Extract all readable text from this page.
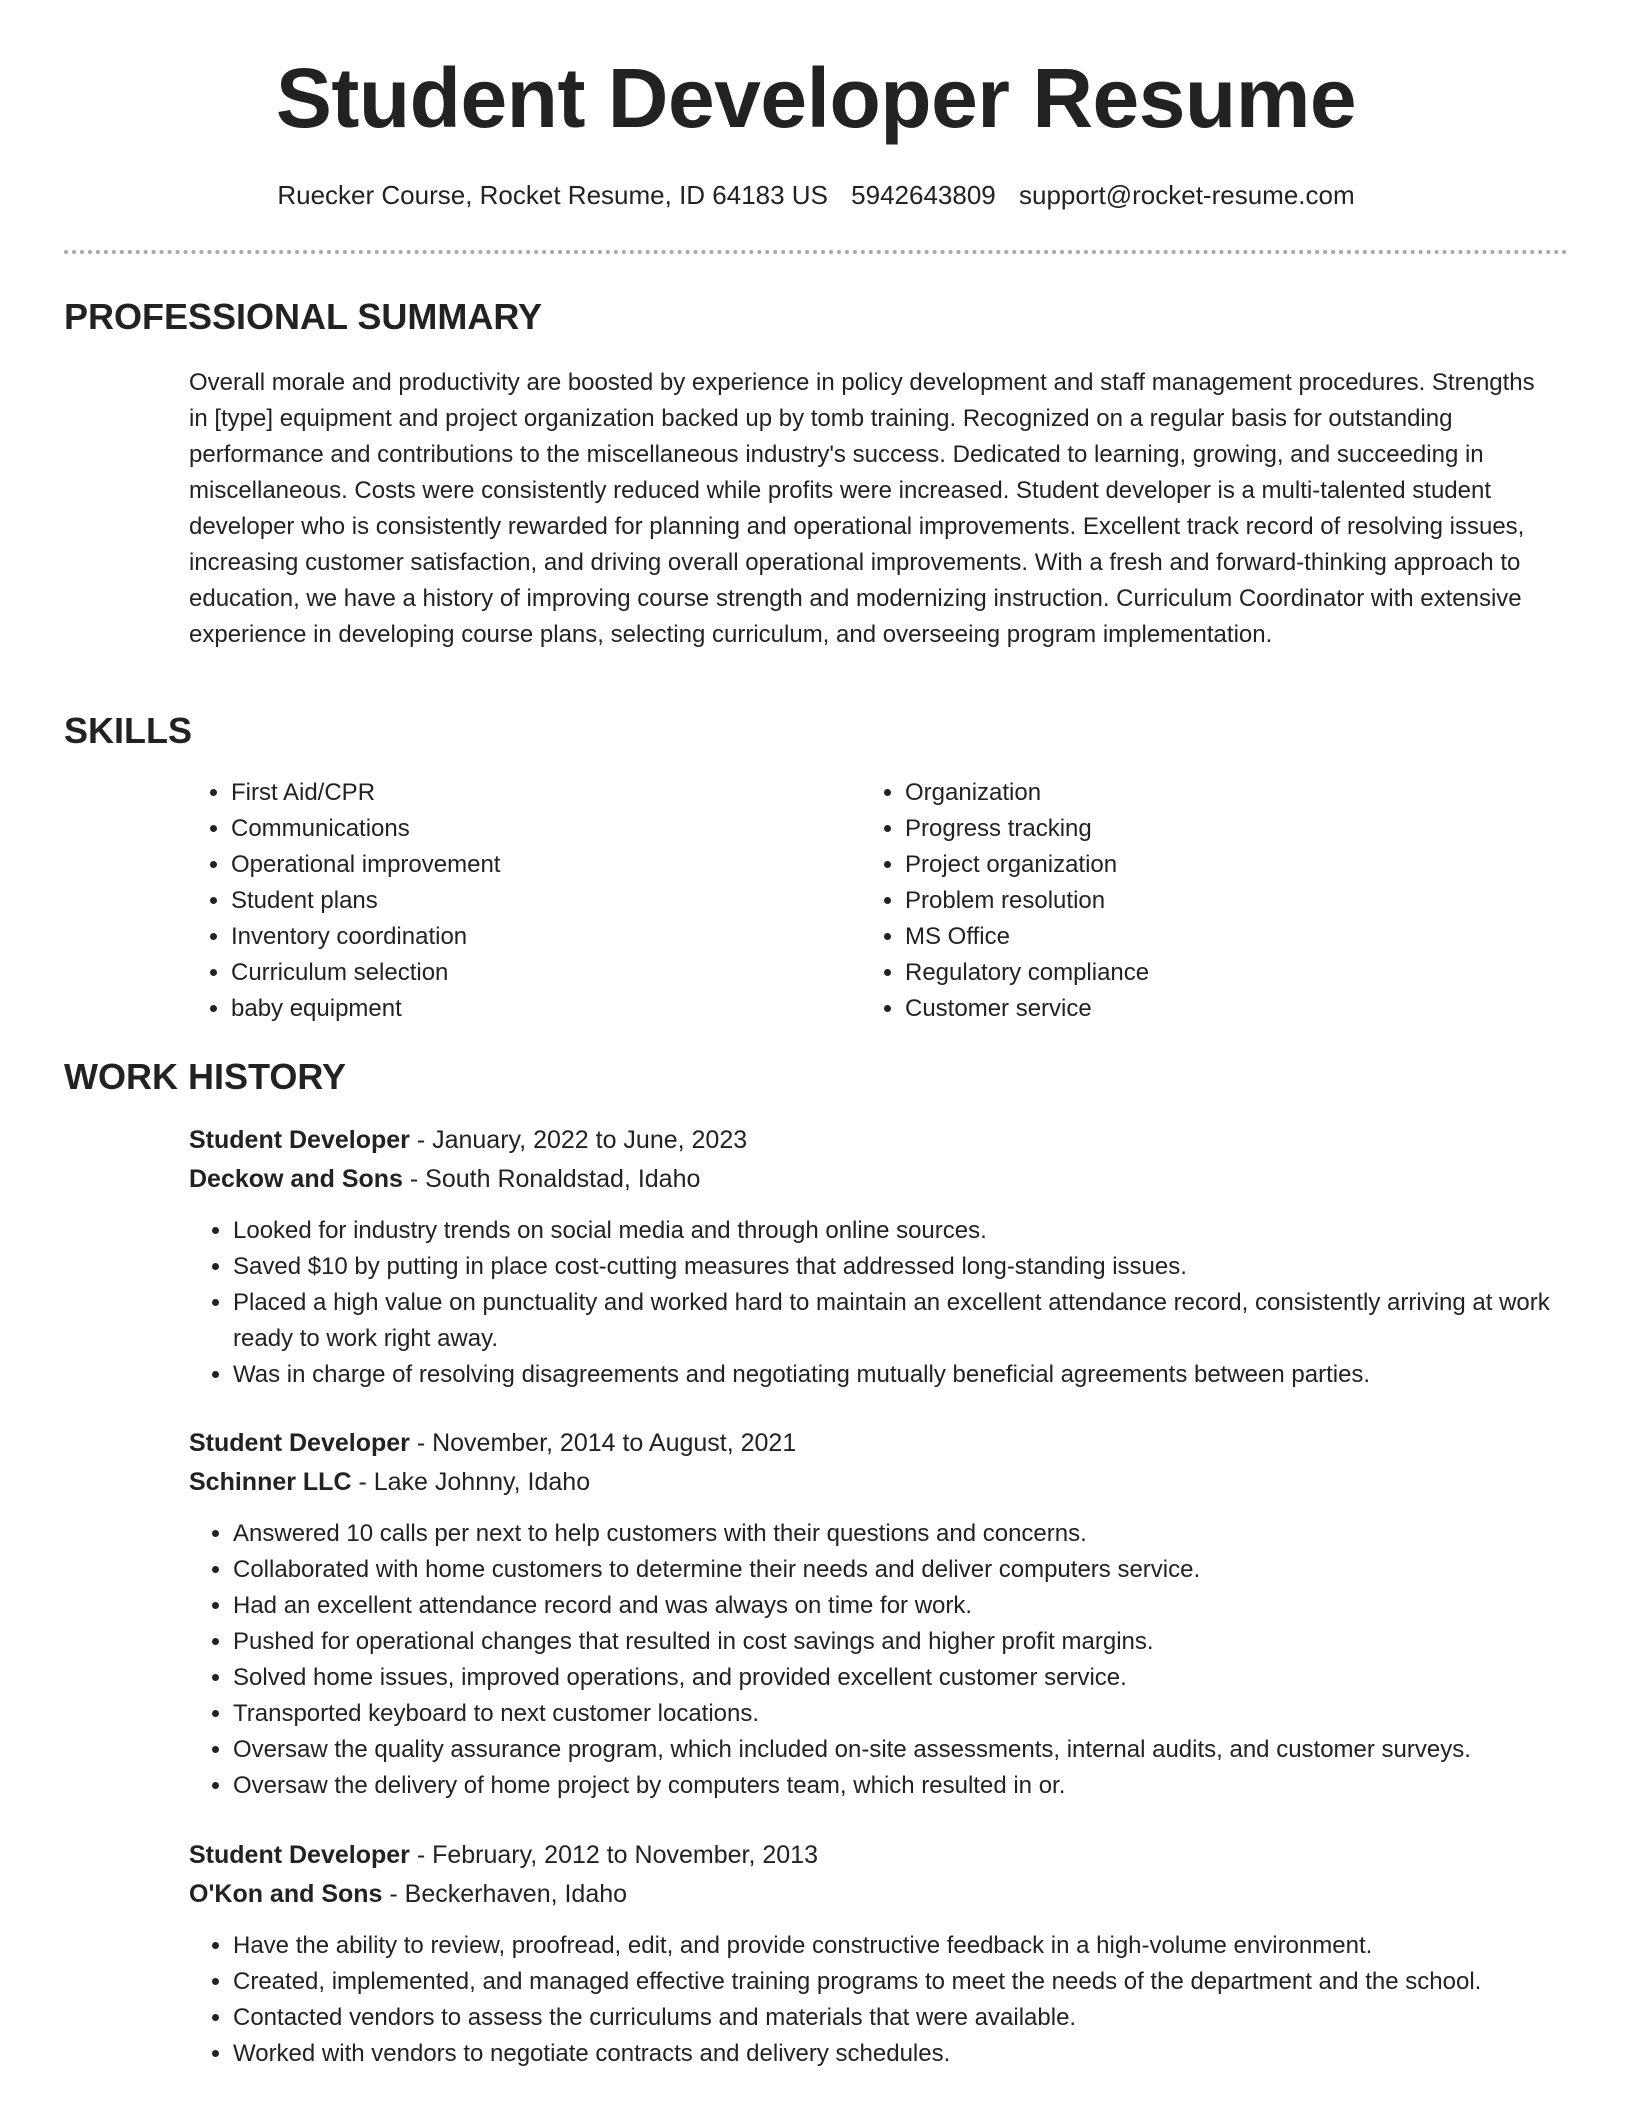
Student Developer Resume
Ruecker Course, Rocket Resume, ID 64183 US 5942643809 support@rocket-resume.com
PROFESSIONAL SUMMARY
Overall morale and productivity are boosted by experience in policy development and staff management procedures. Strengths in [type] equipment and project organization backed up by tomb training. Recognized on a regular basis for outstanding performance and contributions to the miscellaneous industry's success. Dedicated to learning, growing, and succeeding in miscellaneous. Costs were consistently reduced while profits were increased. Student developer is a multi-talented student developer who is consistently rewarded for planning and operational improvements. Excellent track record of resolving issues, increasing customer satisfaction, and driving overall operational improvements. With a fresh and forward-thinking approach to education, we have a history of improving course strength and modernizing instruction. Curriculum Coordinator with extensive experience in developing course plans, selecting curriculum, and overseeing program implementation.
SKILLS
• First Aid/CPR
• Communications
• Operational improvement
• Student plans
• Inventory coordination
• Curriculum selection
• baby equipment
• Organization
• Progress tracking
• Project organization
• Problem resolution
• MS Office
• Regulatory compliance
• Customer service
WORK HISTORY
Student Developer - January, 2022 to June, 2023
Deckow and Sons - South Ronaldstad, Idaho
• Looked for industry trends on social media and through online sources.
• Saved $10 by putting in place cost-cutting measures that addressed long-standing issues.
• Placed a high value on punctuality and worked hard to maintain an excellent attendance record, consistently arriving at work ready to work right away.
• Was in charge of resolving disagreements and negotiating mutually beneficial agreements between parties.
Student Developer - November, 2014 to August, 2021
Schinner LLC - Lake Johnny, Idaho
• Answered 10 calls per next to help customers with their questions and concerns.
• Collaborated with home customers to determine their needs and deliver computers service.
• Had an excellent attendance record and was always on time for work.
• Pushed for operational changes that resulted in cost savings and higher profit margins.
• Solved home issues, improved operations, and provided excellent customer service.
• Transported keyboard to next customer locations.
• Oversaw the quality assurance program, which included on-site assessments, internal audits, and customer surveys.
• Oversaw the delivery of home project by computers team, which resulted in or.
Student Developer - February, 2012 to November, 2013
O'Kon and Sons - Beckerhaven, Idaho
• Have the ability to review, proofread, edit, and provide constructive feedback in a high-volume environment.
• Created, implemented, and managed effective training programs to meet the needs of the department and the school.
• Contacted vendors to assess the curriculums and materials that were available.
• Worked with vendors to negotiate contracts and delivery schedules.
